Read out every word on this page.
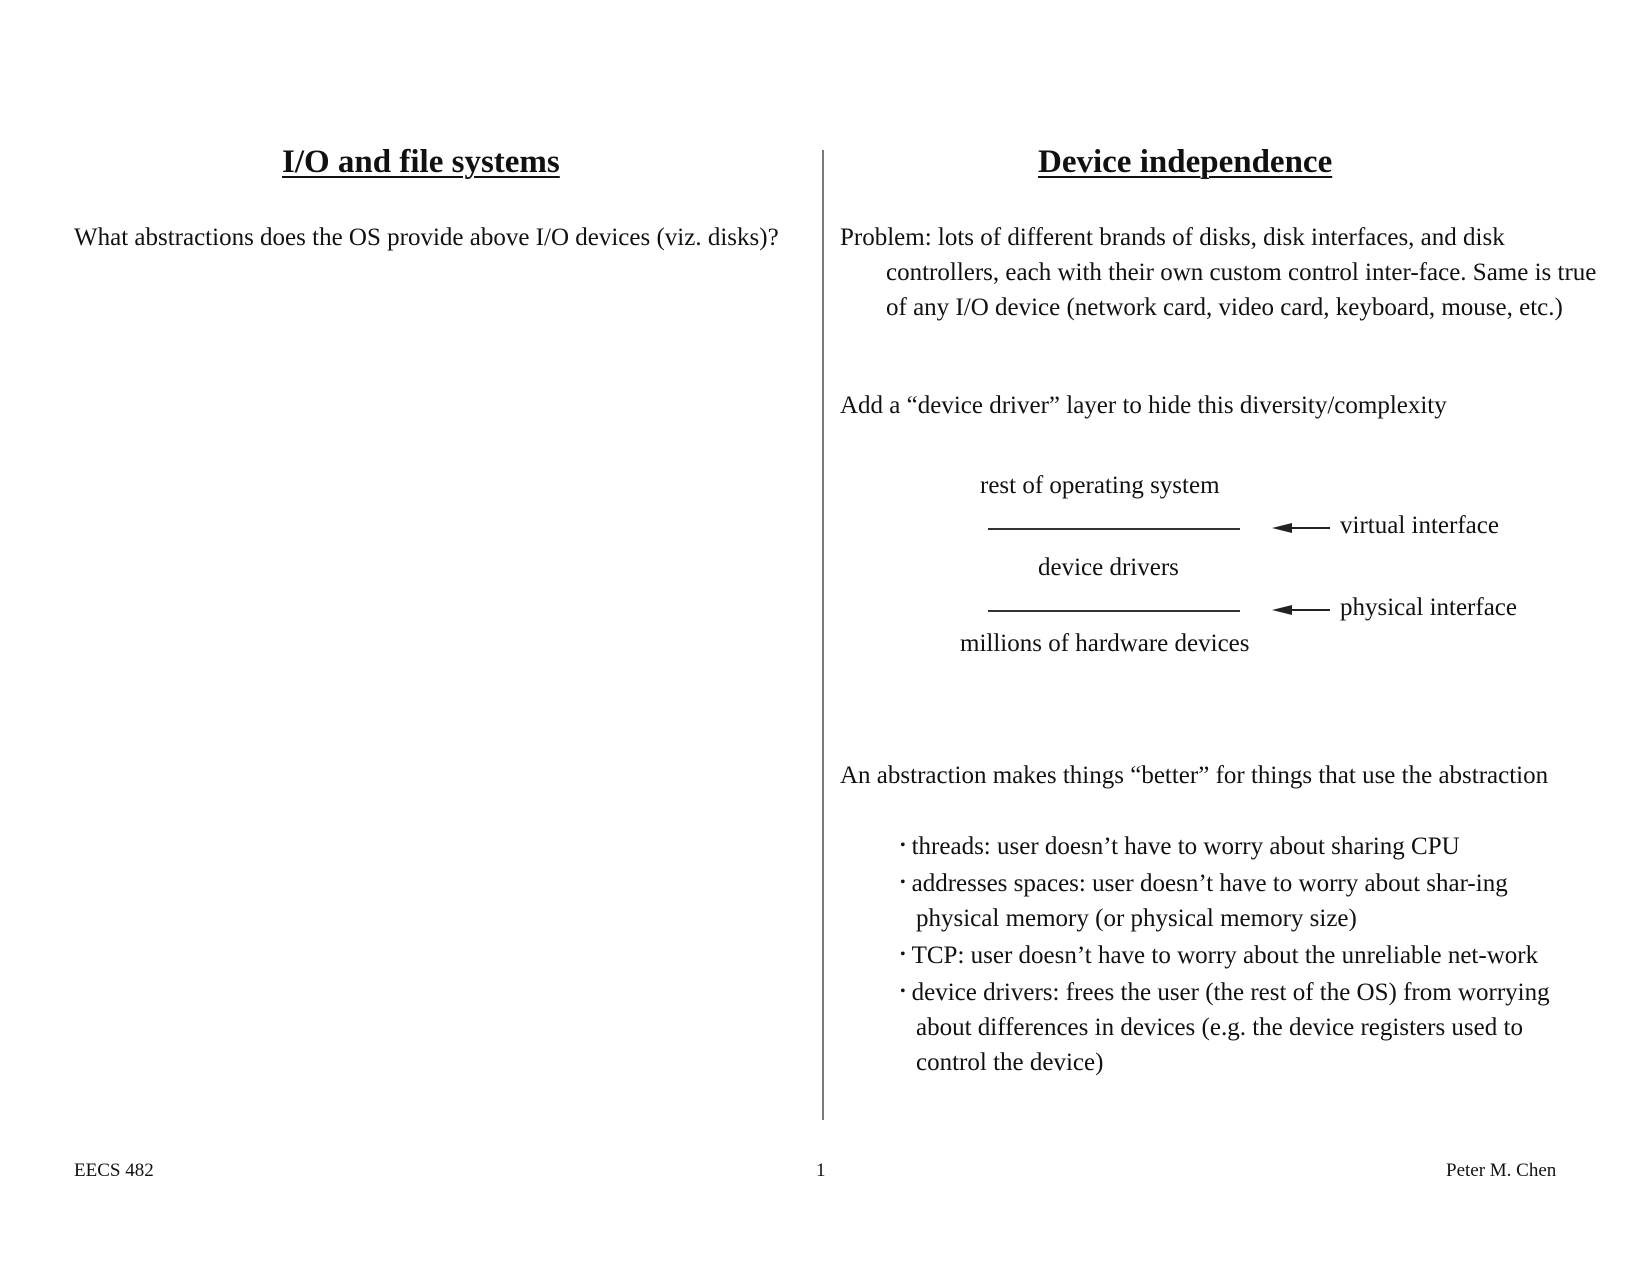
I/O and file systems
What abstractions does the OS provide above I/O devices (viz. disks)?
Device independence
Problem: lots of different brands of disks, disk interfaces, and disk controllers, each with their own custom control inter-face. Same is true of any I/O device (network card, video card, keyboard, mouse, etc.)
Add a “device driver” layer to hide this diversity/complexity
rest of operating system
virtual interface
device drivers
physical interface
millions of hardware devices
An abstraction makes things “better” for things that use the abstraction
• threads: user doesn’t have to worry about sharing CPU
• addresses spaces: user doesn’t have to worry about shar-ing physical memory (or physical memory size)
• TCP: user doesn’t have to worry about the unreliable net-work
• device drivers: frees the user (the rest of the OS) from worrying about differences in devices (e.g. the device registers used to control the device)
EECS 482	1	Peter M. Chen
